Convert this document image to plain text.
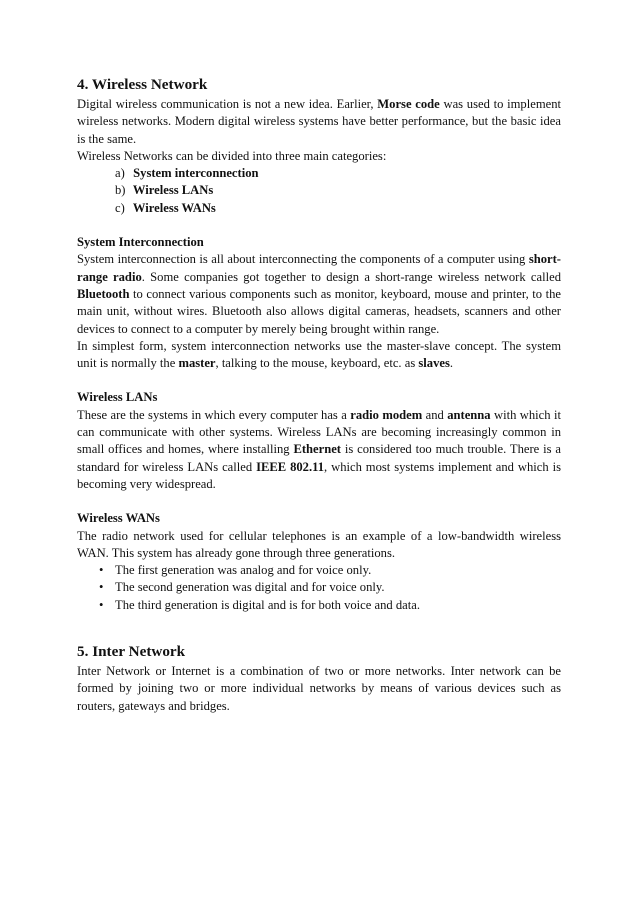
4. Wireless Network

Digital wireless communication is not a new idea. Earlier, Morse code was used to implement wireless networks. Modern digital wireless systems have better performance, but the basic idea is the same.

Wireless Networks can be divided into three main categories:

a) System interconnection
b) Wireless LANs
c) Wireless WANs

System Interconnection

System interconnection is all about interconnecting the components of a computer using short-range radio. Some companies got together to design a short-range wireless network called Bluetooth to connect various components such as monitor, keyboard, mouse and printer, to the main unit, without wires. Bluetooth also allows digital cameras, headsets, scanners and other devices to connect to a computer by merely being brought within range.

In simplest form, system interconnection networks use the master-slave concept. The system unit is normally the master, talking to the mouse, keyboard, etc. as slaves.

Wireless LANs

These are the systems in which every computer has a radio modem and antenna with which it can communicate with other systems. Wireless LANs are becoming increasingly common in small offices and homes, where installing Ethernet is considered too much trouble. There is a standard for wireless LANs called IEEE 802.11, which most systems implement and which is becoming very widespread.

Wireless WANs

The radio network used for cellular telephones is an example of a low-bandwidth wireless WAN. This system has already gone through three generations.

• The first generation was analog and for voice only.
• The second generation was digital and for voice only.
• The third generation is digital and is for both voice and data.
5. Inter Network

Inter Network or Internet is a combination of two or more networks. Inter network can be formed by joining two or more individual networks by means of various devices such as routers, gateways and bridges.
